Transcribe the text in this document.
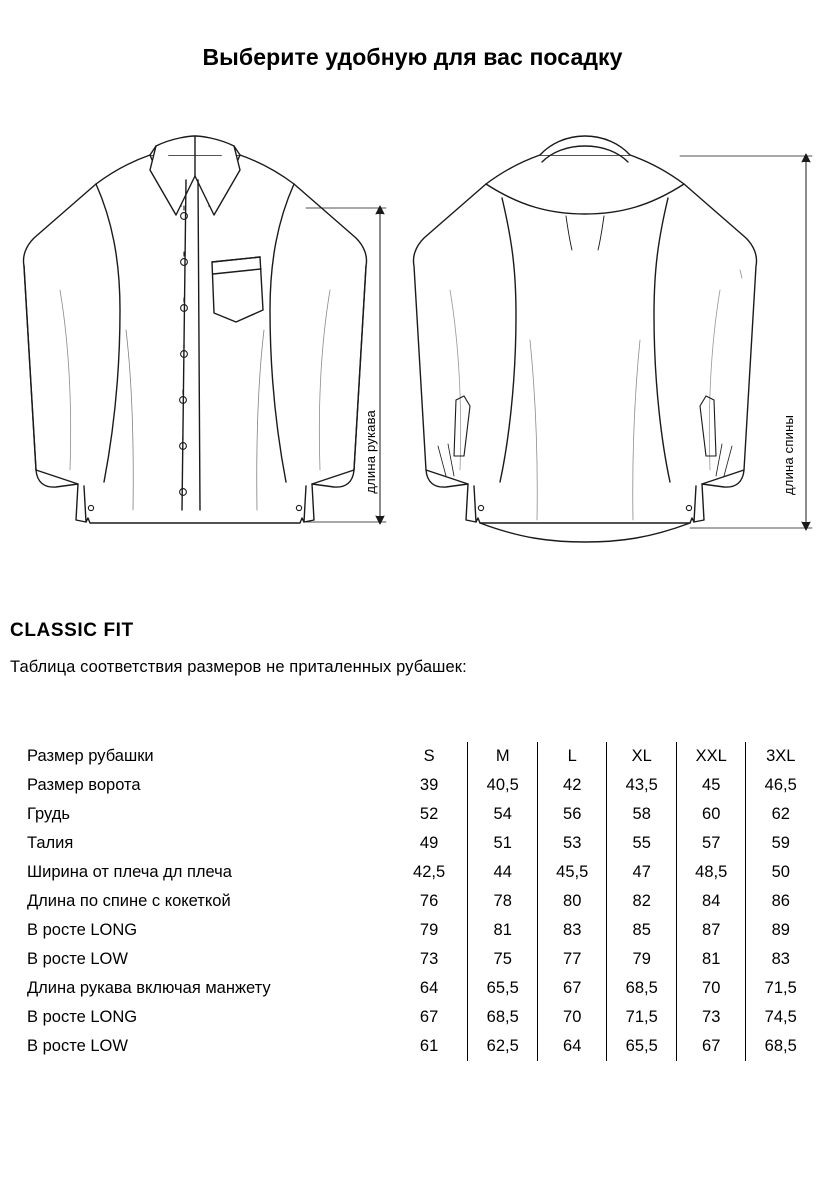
Выберите удобную для вас посадку
длина рукава	длина спины
CLASSIC FIT
Таблица соответствия размеров не приталенных рубашек:
Размер рубашки	S	M	L	XL	XXL	3XL
Размер ворота	39	40,5	42	43,5	45	46,5
Грудь	52	54	56	58	60	62
Талия	49	51	53	55	57	59
Ширина от плеча дл плеча	42,5	44	45,5	47	48,5	50
Длина по спине с кокеткой	76	78	80	82	84	86
В росте LONG	79	81	83	85	87	89
В росте LOW	73	75	77	79	81	83
Длина рукава включая манжету	64	65,5	67	68,5	70	71,5
В росте LONG	67	68,5	70	71,5	73	74,5
В росте LOW	61	62,5	64	65,5	67	68,5
